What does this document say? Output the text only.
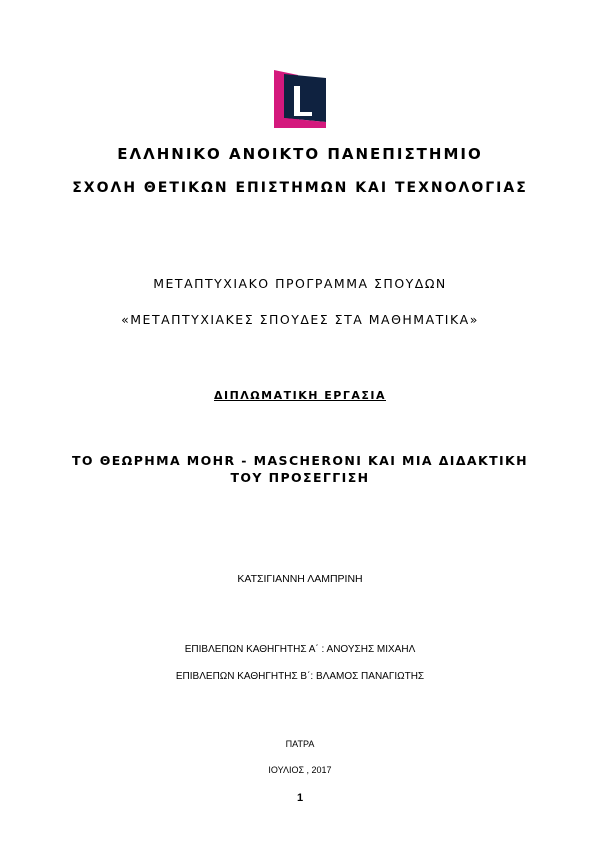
ΕΛΛΗΝΙΚΟ ΑΝΟΙΚΤΟ ΠΑΝΕΠΙΣΤΗΜΙΟ
ΣΧΟΛΗ ΘΕΤΙΚΩΝ ΕΠΙΣΤΗΜΩΝ ΚΑΙ ΤΕΧΝΟΛΟΓΙΑΣ
ΜΕΤΑΠΤΥΧΙΑΚΟ ΠΡΟΓΡΑΜΜΑ ΣΠΟΥΔΩΝ
«ΜΕΤΑΠΤΥΧΙΑΚΕΣ ΣΠΟΥΔΕΣ ΣΤΑ ΜΑΘΗΜΑΤΙΚΑ»
ΔΙΠΛΩΜΑΤΙΚΗ ΕΡΓΑΣΙΑ
ΤΟ ΘΕΩΡΗΜΑ MOHR - MASCHERONI ΚΑΙ ΜΙΑ ΔΙΔΑΚΤΙΚΗ
ΤΟΥ ΠΡΟΣΕΓΓΙΣΗ
ΚΑΤΣΙΓΙΑΝΝΗ ΛΑΜΠΡΙΝΗ
ΕΠΙΒΛΕΠΩΝ ΚΑΘΗΓΗΤΗΣ Α΄ : ΑΝΟΥΣΗΣ ΜΙΧΑΗΛ
ΕΠΙΒΛΕΠΩΝ ΚΑΘΗΓΗΤΗΣ Β΄: ΒΛΑΜΟΣ ΠΑΝΑΓΙΩΤΗΣ
ΠΑΤΡΑ
ΙΟΥΛΙΟΣ , 2017
1
